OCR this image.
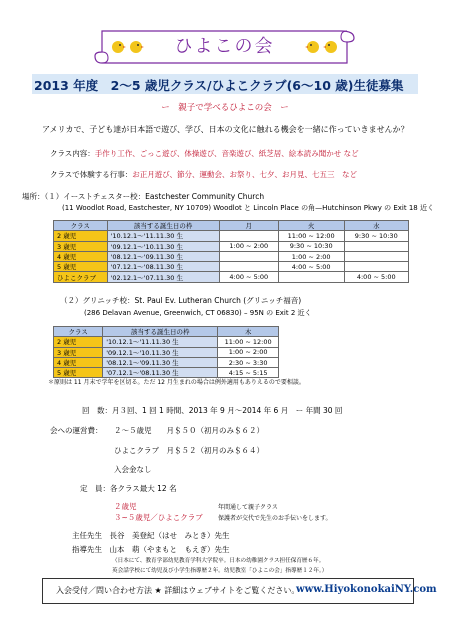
ひよこの会
2013 年度　2〜5 歳児クラス/ひよこクラブ(6〜10 歳)生徒募集
ー　親子で学べるひよこの会　ー
アメリカで、子ども達が日本語で遊び、学び、日本の文化に触れる機会を一緒に作っていきませんか？
クラス内容：手作り工作、ごっこ遊び、体操遊び、音楽遊び、紙芝居、絵本読み聞かせ など
クラスで体験する行事：お正月遊び、節分、運動会、お祭り、七夕、お月見、七五三　など
場所：（１）イーストチェスター校：Eastchester Community Church
(11 Woodlot Road, Eastchester, NY 10709) Woodlot と Lincoln Place の角—Hutchinson Pkwy の Exit 18 近く
クラス	該当する誕生日の枠	月	火	水
2 歳児	'10.12.1〜'11.11.30 生		11:00 ~ 12:00	9:30 ~ 10:30
3 歳児	'09.12.1〜'10.11.30 生	1:00 ~ 2:00	9:30 ~ 10:30	
4 歳児	'08.12.1〜'09.11.30 生		1:00 ~ 2:00	
5 歳児	'07.12.1〜'08.11.30 生		4:00 ~ 5:00	
ひよこクラブ	'02.12.1〜'07.11.30 生	4:00 ~ 5:00		4:00 ~ 5:00
（２）グリニッチ校：St. Paul Ev. Lutheran Church (グリニッチ福音)
(286 Delavan Avenue, Greenwich, CT 06830) – 95N の Exit 2 近く
クラス	該当する誕生日の枠	木
2 歳児	'10.12.1〜'11.11.30 生	11:00 ~ 12:00
3 歳児	'09.12.1〜'10.11.30 生	1:00 ~ 2:00
4 歳児	'08.12.1〜'09.11.30 生	2:30 ~ 3:30
5 歳児	'07.12.1〜'08.11.30 生	4:15 ~ 5:15
＊原則は 11 月末で学年を区切る。ただ 12 月生まれの場合は例外適用もありえるので要相談。
回　数：月３回、1 回 1 時間、2013 年 9 月〜2014 年 6 月　ー 年間 30 回
会への運営費： ２〜５歳児　　月＄５０（初月のみ＄６２）
ひよこクラブ　月＄５２（初月のみ＄６４）
入会金なし
定　員：各クラス最大 12 名
２歳児	年間通して親子クラス
３~５歳児／ひよこクラブ	保護者が交代で先生のお手伝いをします。
主任先生　長谷　美登紀（はせ　みとき）先生
指導先生　山本　萌（やまもと　もえぎ）先生
（日本にて、教育学部幼児教育学科大学院卒。日本の幼稚園クラス担任保育歴６年。
英会話学校にて幼児及び小学生指導歴２年。幼児教室「ひよこの会」指導歴１２年。）
入会受付／問い合わせ方法 ★ 詳細はウェブサイトをご覧ください。
www.HiyokonokaiNY.com
